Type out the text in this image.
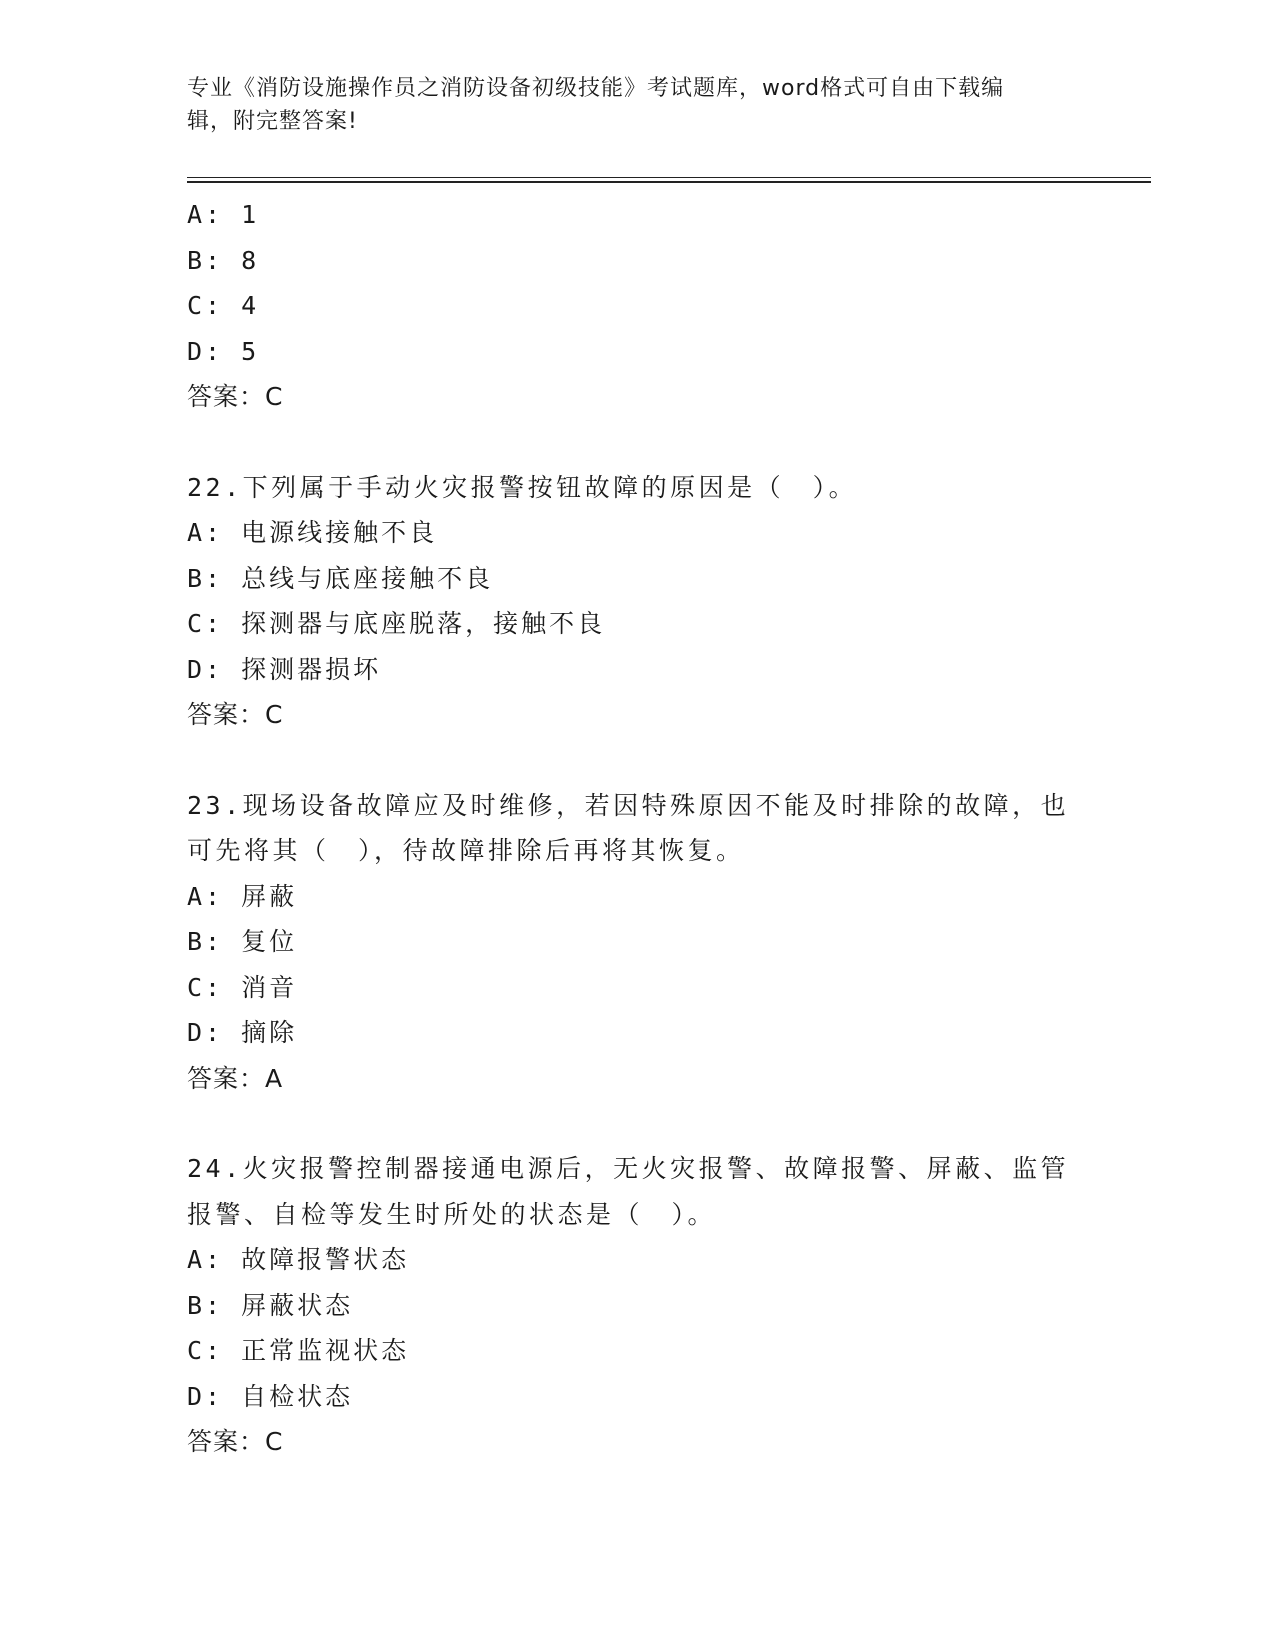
专业《消防设施操作员之消防设备初级技能》考试题库，word格式可自由下载编
辑，附完整答案!
A: 1
B: 8
C: 4
D: 5
答案：C
22.下列属于手动火灾报警按钮故障的原因是（　）。
A: 电源线接触不良
B: 总线与底座接触不良
C: 探测器与底座脱落，接触不良
D: 探测器损坏
答案：C
23.现场设备故障应及时维修，若因特殊原因不能及时排除的故障，也
可先将其（　），待故障排除后再将其恢复。
A: 屏蔽
B: 复位
C: 消音
D: 摘除
答案：A
24.火灾报警控制器接通电源后，无火灾报警、故障报警、屏蔽、监管
报警、自检等发生时所处的状态是（　）。
A: 故障报警状态
B: 屏蔽状态
C: 正常监视状态
D: 自检状态
答案：C
